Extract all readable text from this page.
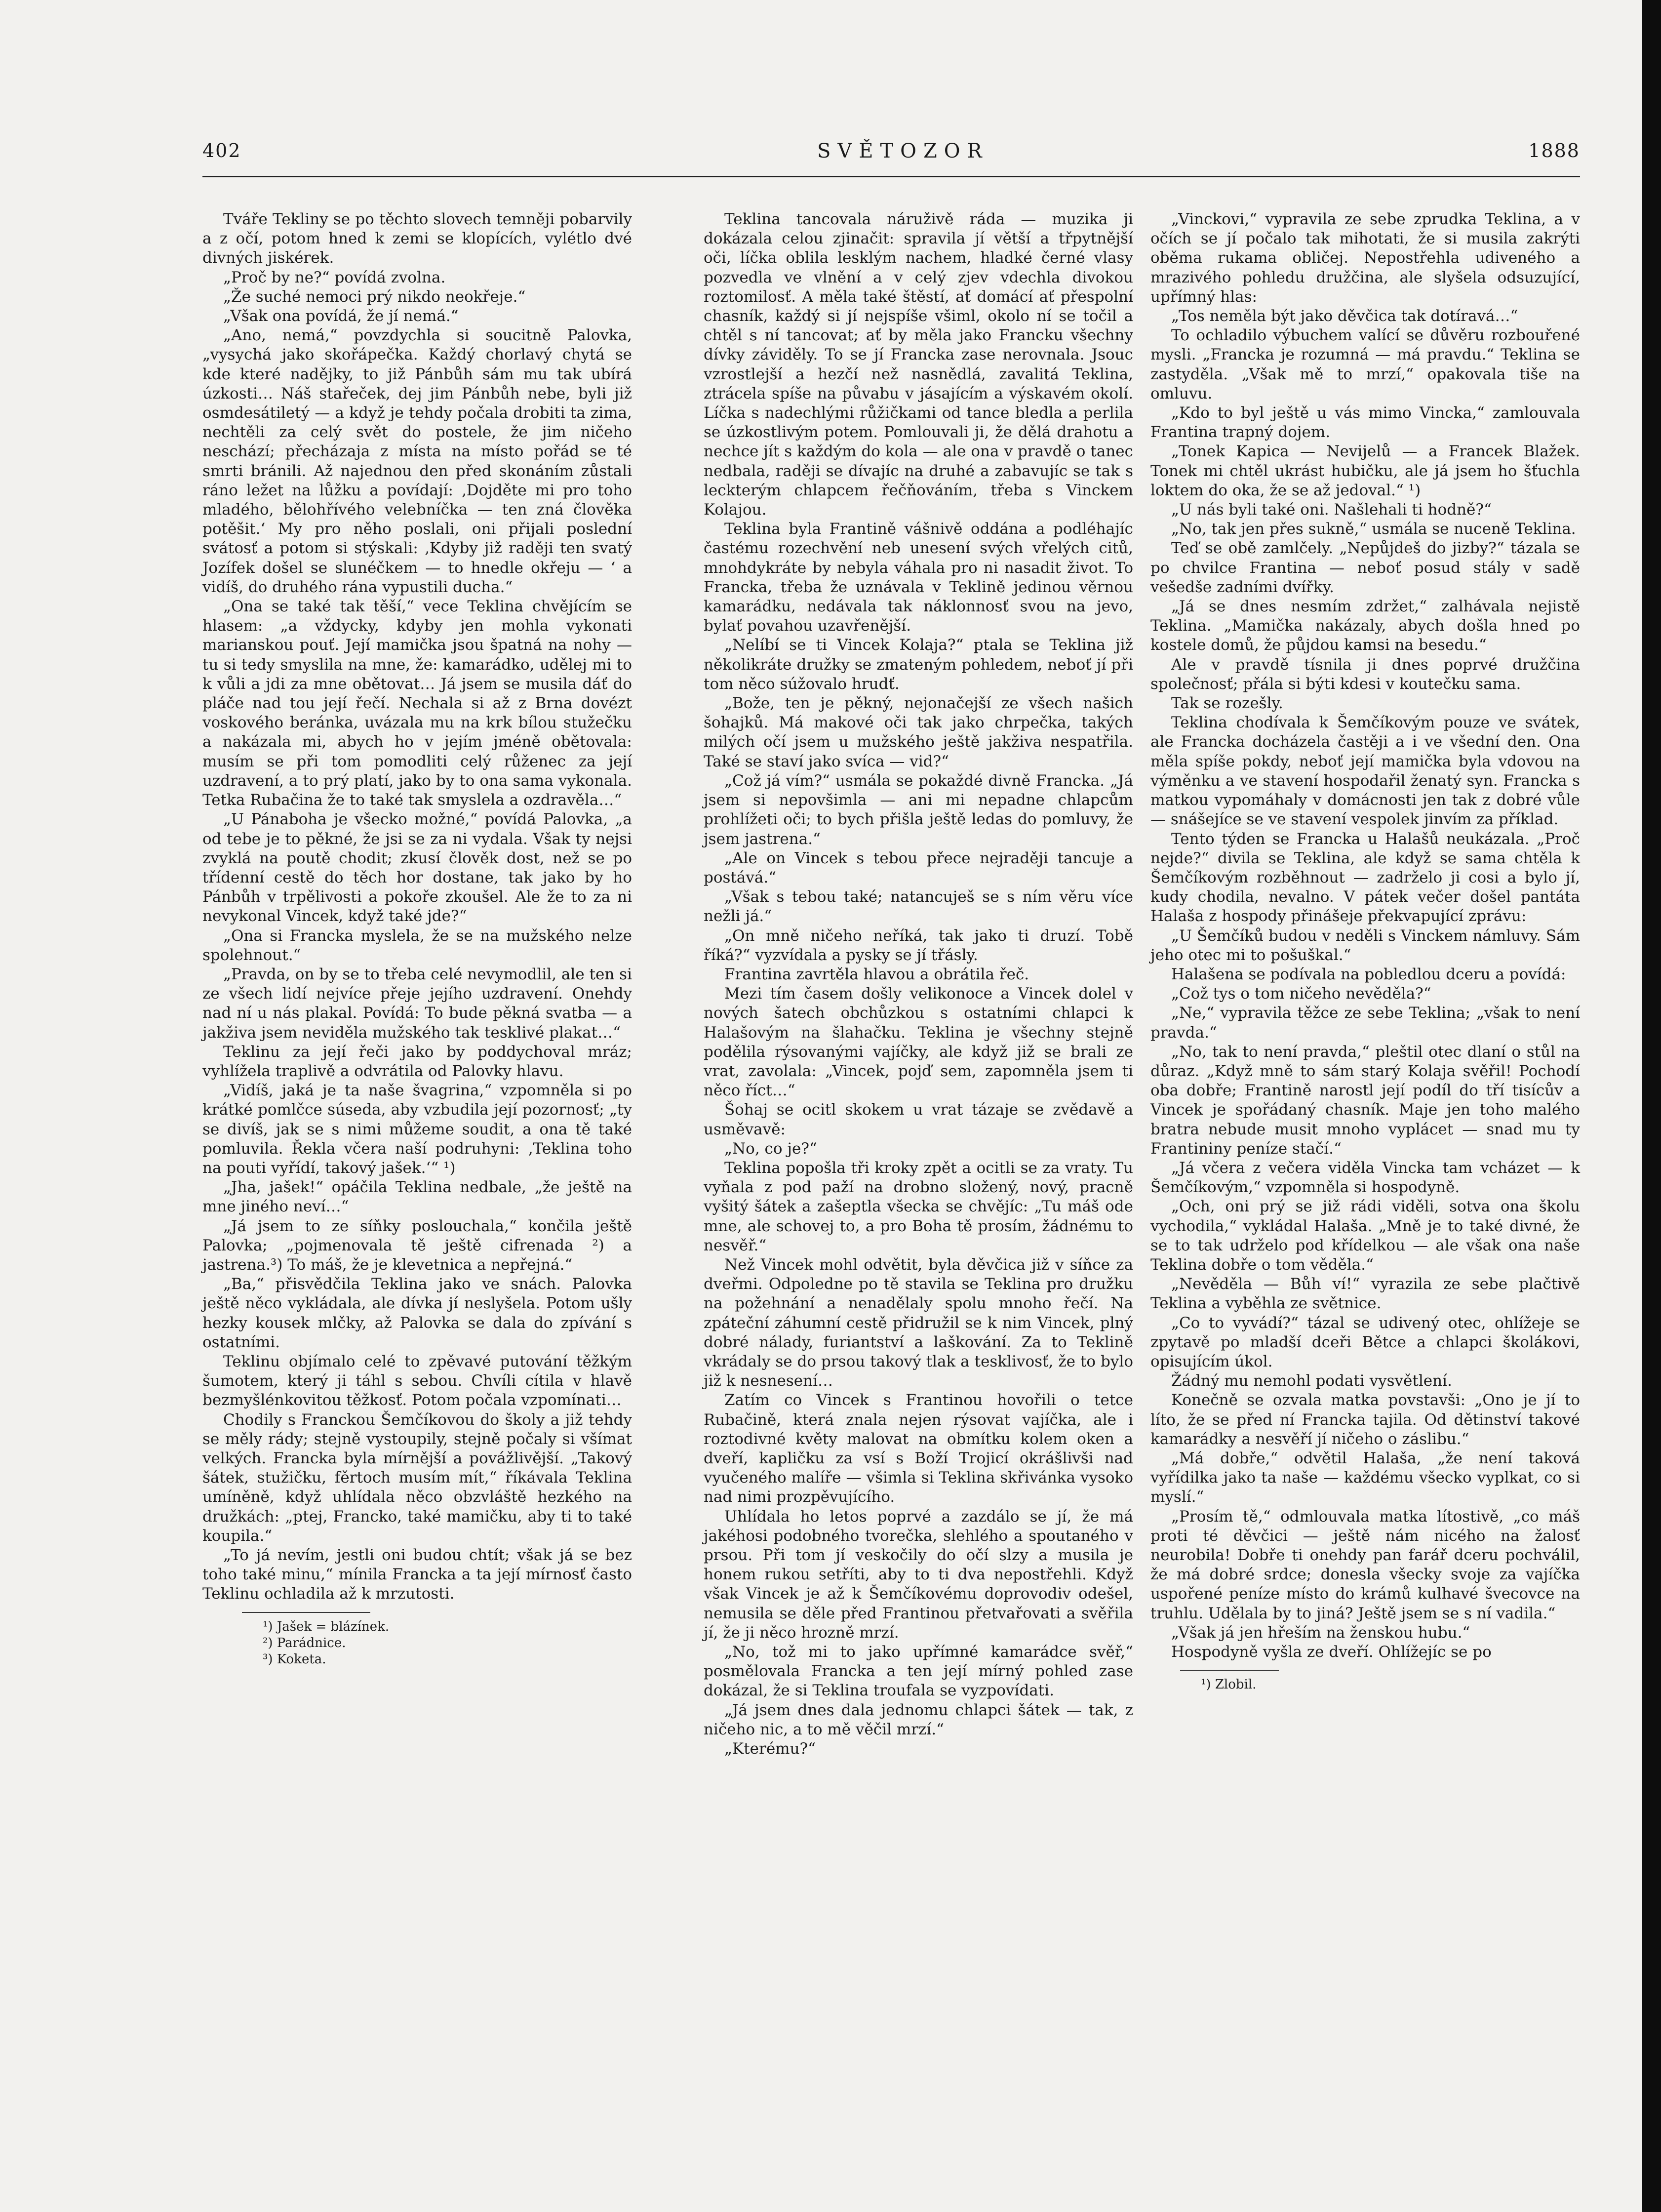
402	SVĚTOZOR	1888

Tváře Tekliny se po těchto slovech temněji pobarvily a z očí, potom hned k zemi se klopících, vylétlo dvé divných jiskérek.

„Proč by ne?“ povídá zvolna.

„Že suché nemoci prý nikdo neokřeje.“

„Však ona povídá, že jí nemá.“

„Ano, nemá,“ povzdychla si soucitně Palovka, „vysychá jako skořápečka. Každý chorlavý chytá se kde které nadějky, to již Pánbůh sám mu tak ubírá úzkosti… Náš stařeček, dej jim Pánbůh nebe, byli již osmdesátiletý — a když je tehdy počala drobiti ta zima, nechtěli za celý svět do postele, že jim ničeho neschází; přecházaja z místa na místo pořád se té smrti bránili. Až najednou den před skonáním zůstali ráno ležet na lůžku a povídají: ‚Dojděte mi pro toho mladého, bělohřívého velebníčka — ten zná člověka potěšit.‘ My pro něho poslali, oni přijali poslední svátosť a potom si stýskali: ‚Kdyby již raději ten svatý Jozífek došel se slunéčkem — to hnedle okřeju — ‘ a vidíš, do druhého rána vypustili ducha.“

„Ona se také tak těší,“ vece Teklina chvějícím se hlasem: „a vždycky, kdyby jen mohla vykonati marianskou pouť. Její mamička jsou špatná na nohy — tu si tedy smyslila na mne, že: kamarádko, udělej mi to k vůli a jdi za mne obětovat… Já jsem se musila dáť do pláče nad tou její řečí. Nechala si až z Brna dovézt voskového beránka, uvázala mu na krk bílou stužečku a nakázala mi, abych ho v jejím jméně obětovala: musím se při tom pomodliti celý růženec za její uzdravení, a to prý platí, jako by to ona sama vykonala. Tetka Rubačina že to také tak smyslela a ozdravěla…“

„U Pánaboha je všecko možné,“ povídá Palovka, „a od tebe je to pěkné, že jsi se za ni vydala. Však ty nejsi zvyklá na poutě chodit; zkusí člověk dost, než se po třídenní cestě do těch hor dostane, tak jako by ho Pánbůh v trpělivosti a pokoře zkoušel. Ale že to za ni nevykonal Vincek, když také jde?“

„Ona si Francka myslela, že se na mužského nelze spolehnout.“

„Pravda, on by se to třeba celé nevymodlil, ale ten si ze všech lidí nejvíce přeje jejího uzdravení. Onehdy nad ní u nás plakal. Povídá: To bude pěkná svatba — a jakživa jsem neviděla mužského tak tesklivé plakat…“

Teklinu za její řeči jako by poddychoval mráz; vyhlížela traplivě a odvrátila od Palovky hlavu.

„Vidíš, jaká je ta naše švagrina,“ vzpomněla si po krátké pomlčce súseda, aby vzbudila její pozornosť; „ty se divíš, jak se s nimi můžeme soudit, a ona tě také pomluvila. Řekla včera naší podruhyni: ‚Teklina toho na pouti vyřídí, takový jašek.‘“ ¹)

„Jha, jašek!“ opáčila Teklina nedbale, „že ještě na mne jiného neví…“

„Já jsem to ze síňky poslouchala,“ končila ještě Palovka; „pojmenovala tě ještě cifrenada ²) a jastrena.³) To máš, že je klevetnica a nepřejná.“

„Ba,“ přisvědčila Teklina jako ve snách. Palovka ještě něco vykládala, ale dívka jí neslyšela. Potom ušly hezky kousek mlčky, až Palovka se dala do zpívání s ostatními.

Teklinu objímalo celé to zpěvavé putování těžkým šumotem, který ji táhl s sebou. Chvíli cítila v hlavě bezmyšlénkovitou těžkosť. Potom počala vzpomínati…

Chodily s Franckou Šemčíkovou do školy a již tehdy se měly rády; stejně vystoupily, stejně počaly si všímat velkých. Francka byla mírnější a povážlivější. „Takový šátek, stužičku, fěrtoch musím mít,“ říkávala Teklina umíněně, když uhlídala něco obzvláště hezkého na družkách: „ptej, Francko, také mamičku, aby ti to také koupila.“

„To já nevím, jestli oni budou chtít; však já se bez toho také minu,“ mínila Francka a ta její mírnosť často Teklinu ochladila až k mrzutosti.

¹) Jašek = blázínek.

²) Parádnice.

³) Koketa.

Teklina tancovala náruživě ráda — muzika ji dokázala celou zjinačit: spravila jí větší a třpytnější oči, líčka oblila lesklým nachem, hladké černé vlasy pozvedla ve vlnění a v celý zjev vdechla divokou roztomilosť. A měla také štěstí, ať domácí ať přespolní chasník, každý si jí nejspíše všiml, okolo ní se točil a chtěl s ní tancovat; ať by měla jako Francku všechny dívky záviděly. To se jí Francka zase nerovnala. Jsouc vzrostlejší a hezčí než nasnědlá, zavalitá Teklina, ztrácela spíše na půvabu v jásajícím a výskavém okolí. Líčka s nadechlými růžičkami od tance bledla a perlila se úzkostlivým potem. Pomlouvali ji, že dělá drahotu a nechce jít s každým do kola — ale ona v pravdě o tanec nedbala, raději se dívajíc na druhé a zabavujíc se tak s leckterým chlapcem řečňováním, třeba s Vinckem Kolajou.

Teklina byla Frantině vášnivě oddána a podléhajíc častému rozechvění neb unesení svých vřelých citů, mnohdykráte by nebyla váhala pro ni nasadit život. To Francka, třeba že uznávala v Teklině jedinou věrnou kamarádku, nedávala tak náklonnosť svou na jevo, bylať povahou uzavřenější.

„Nelíbí se ti Vincek Kolaja?“ ptala se Teklina již několikráte družky se zmateným pohledem, neboť jí při tom něco súžovalo hrudť.

„Bože, ten je pěkný, nejonačejší ze všech našich šohajků. Má makové oči tak jako chrpečka, takých milých očí jsem u mužského ještě jakživa nespatřila. Také se staví jako svíca — vid?“

„Což já vím?“ usmála se pokaždé divně Francka. „Já jsem si nepovšimla — ani mi nepadne chlapcům prohlížeti oči; to bych přišla ještě ledas do pomluvy, že jsem jastrena.“

„Ale on Vincek s tebou přece nejraději tancuje a postává.“

„Však s tebou také; natancuješ se s ním věru více nežli já.“

„On mně ničeho neříká, tak jako ti druzí. Tobě říká?“ vyzvídala a pysky se jí třásly.

Frantina zavrtěla hlavou a obrátila řeč.

Mezi tím časem došly velikonoce a Vincek dolel v nových šatech obchůzkou s ostatními chlapci k Halašovým na šlahačku. Teklina je všechny stejně podělila rýsovanými vajíčky, ale když již se brali ze vrat, zavolala: „Vincek, pojď sem, zapomněla jsem ti něco říct…“

Šohaj se ocitl skokem u vrat tázaje se zvědavě a usměvavě:

„No, co je?“

Teklina popošla tři kroky zpět a ocitli se za vraty. Tu vyňala z pod paží na drobno složený, nový, pracně vyšitý šátek a zašeptla všecka se chvějíc: „Tu máš ode mne, ale schovej to, a pro Boha tě prosím, žádnému to nesvěř.“

Než Vincek mohl odvětit, byla děvčica již v síňce za dveřmi. Odpoledne po tě stavila se Teklina pro družku na požehnání a nenadělaly spolu mnoho řečí. Na zpáteční záhumní cestě přidružil se k nim Vincek, plný dobré nálady, furiantství a laškování. Za to Teklině vkrádaly se do prsou takový tlak a tesklivosť, že to bylo již k nesnesení…

Zatím co Vincek s Frantinou hovořili o tetce Rubačině, která znala nejen rýsovat vajíčka, ale i roztodivné květy malovat na obmítku kolem oken a dveří, kapličku za vsí s Boží Trojicí okrášlivši nad vyučeného malíře — všimla si Teklina skřivánka vysoko nad nimi prozpěvujícího.

Uhlídala ho letos poprvé a zazdálo se jí, že má jakéhosi podobného tvorečka, slehlého a spoutaného v prsou. Při tom jí veskočily do očí slzy a musila je honem rukou setříti, aby to ti dva nepostřehli. Když však Vincek je až k Šemčíkovému doprovodiv odešel, nemusila se děle před Frantinou přetvařovati a svěřila jí, že ji něco hrozně mrzí.

„No, tož mi to jako upřímné kamarádce svěř,“ posmělovala Francka a ten její mírný pohled zase dokázal, že si Teklina troufala se vyzpovídati.

„Já jsem dnes dala jednomu chlapci šátek — tak, z ničeho nic, a to mě věčil mrzí.“

„Kterému?“

„Vinckovi,“ vypravila ze sebe zprudka Teklina, a v očích se jí počalo tak mihotati, že si musila zakrýti oběma rukama obličej. Nepostřehla udiveného a mrazivého pohledu družčina, ale slyšela odsuzující, upřímný hlas:

„Tos neměla být jako děvčica tak dotíravá…“

To ochladilo výbuchem valící se důvěru rozbouřené mysli. „Francka je rozumná — má pravdu.“ Teklina se zastyděla. „Však mě to mrzí,“ opakovala tiše na omluvu.

„Kdo to byl ještě u vás mimo Vincka,“ zamlouvala Frantina trapný dojem.

„Tonek Kapica — Nevijelů — a Francek Blažek. Tonek mi chtěl ukrást hubičku, ale já jsem ho šťuchla loktem do oka, že se až jedoval.“ ¹)

„U nás byli také oni. Našlehali ti hodně?“

„No, tak jen přes sukně,“ usmála se nuceně Teklina.

Teď se obě zamlčely. „Nepůjdeš do jizby?“ tázala se po chvilce Frantina — neboť posud stály v sadě vešedše zadními dvířky.

„Já se dnes nesmím zdržet,“ zalhávala nejistě Teklina. „Mamička nakázaly, abych došla hned po kostele domů, že půjdou kamsi na besedu.“

Ale v pravdě tísnila ji dnes poprvé družčina společnosť; přála si býti kdesi v koutečku sama.

Tak se rozešly.

Teklina chodívala k Šemčíkovým pouze ve svátek, ale Francka docházela častěji a i ve všední den. Ona měla spíše pokdy, neboť její mamička byla vdovou na výměnku a ve stavení hospodařil ženatý syn. Francka s matkou vypomáhaly v domácnosti jen tak z dobré vůle — snášejíce se ve stavení vespolek jinvím za příklad.

Tento týden se Francka u Halašů neukázala. „Proč nejde?“ divila se Teklina, ale když se sama chtěla k Šemčíkovým rozběhnout — zadrželo ji cosi a bylo jí, kudy chodila, nevalno. V pátek večer došel pantáta Halaša z hospody přinášeje překvapující zprávu:

„U Šemčíků budou v neděli s Vinckem námluvy. Sám jeho otec mi to pošuškal.“

Halašena se podívala na pobledlou dceru a povídá:

„Což tys o tom ničeho nevěděla?“

„Ne,“ vypravila těžce ze sebe Teklina; „však to není pravda.“

„No, tak to není pravda,“ pleštil otec dlaní o stůl na důraz. „Když mně to sám starý Kolaja svěřil! Pochodí oba dobře; Frantině narostl její podíl do tří tisícův a Vincek je spořádaný chasník. Maje jen toho malého bratra nebude musit mnoho vyplácet — snad mu ty Frantininy peníze stačí.“

„Já včera z večera viděla Vincka tam vcházet — k Šemčíkovým,“ vzpomněla si hospodyně.

„Och, oni prý se již rádi viděli, sotva ona školu vychodila,“ vykládal Halaša. „Mně je to také divné, že se to tak udrželo pod křídelkou — ale však ona naše Teklina dobře o tom věděla.“

„Nevěděla — Bůh ví!“ vyrazila ze sebe plačtivě Teklina a vyběhla ze světnice.

„Co to vyvádí?“ tázal se udivený otec, ohlížeje se zpytavě po mladší dceři Bětce a chlapci školákovi, opisujícím úkol.

Žádný mu nemohl podati vysvětlení.

Konečně se ozvala matka povstavši: „Ono je jí to líto, že se před ní Francka tajila. Od dětinství takové kamarádky a nesvěří jí ničeho o záslibu.“

„Má dobře,“ odvětil Halaša, „že není taková vyřídilka jako ta naše — každému všecko vyplkat, co si myslí.“

„Prosím tě,“ odmlouvala matka lítostivě, „co máš proti té děvčici — ještě nám nicého na žalosť neurobila! Dobře ti onehdy pan farář dceru pochválil, že má dobré srdce; donesla všecky svoje za vajíčka uspořené peníze místo do krámů kulhavé švecovce na truhlu. Udělala by to jiná? Ještě jsem se s ní vadila.“

„Však já jen hřeším na ženskou hubu.“

Hospodyně vyšla ze dveří. Ohlížejíc se po

¹) Zlobil.
